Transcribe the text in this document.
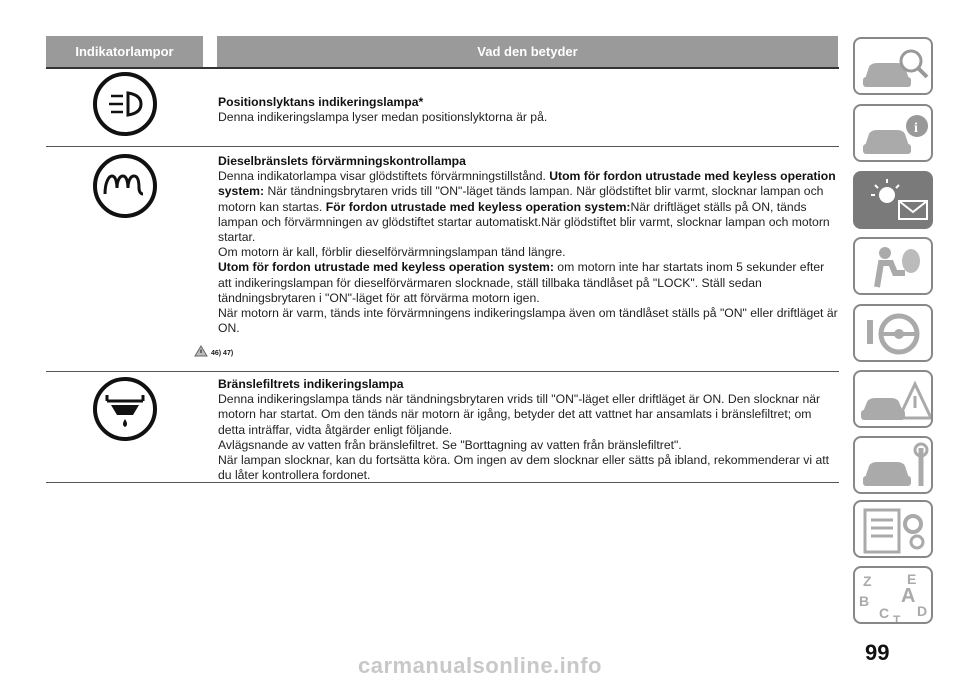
Indikatorlampor	Vad den betyder
Positionslyktans indikeringslampa*
Denna indikeringslampa lyser medan positionslyktorna är på.
Dieselbränslets förvärmningskontrollampa
Denna indikatorlampa visar glödstiftets förvärmningstillstånd. Utom för fordon utrustade med keyless operation system: När tändningsbrytaren vrids till "ON"-läget tänds lampan. När glödstiftet blir varmt, slocknar lampan och motorn kan startas. För fordon utrustade med keyless operation system:När driftläget ställs på ON, tänds lampan och förvärmningen av glödstiftet startar automatiskt.När glödstiftet blir varmt, slocknar lampan och motorn startar.
Om motorn är kall, förblir dieselförvärmningslampan tänd längre.
Utom för fordon utrustade med keyless operation system: om motorn inte har startats inom 5 sekunder efter att indikeringslampan för dieselförvärmaren slocknade, ställ tillbaka tändlåset på "LOCK". Ställ sedan tändningsbrytaren i "ON"-läget för att förvärma motorn igen.
När motorn är varm, tänds inte förvärmningens indikeringslampa även om tändlåset ställs på "ON" eller driftläget är ON.
46) 47)
Bränslefiltrets indikeringslampa
Denna indikeringslampa tänds när tändningsbrytaren vrids till "ON"-läget eller driftläget är ON. Den slocknar när motorn har startat. Om den tänds när motorn är igång, betyder det att vattnet har ansamlats i bränslefiltret; om detta inträffar, vidta åtgärder enligt följande.
Avlägsnande av vatten från bränslefiltret. Se "Borttagning av vatten från bränslefiltret".
När lampan slocknar, kan du fortsätta köra. Om ingen av dem slocknar eller sätts på ibland, rekommenderar vi att du låter kontrollera fordonet.
i
Z	E
B A
C D
T
99
carmanualsonline.info
